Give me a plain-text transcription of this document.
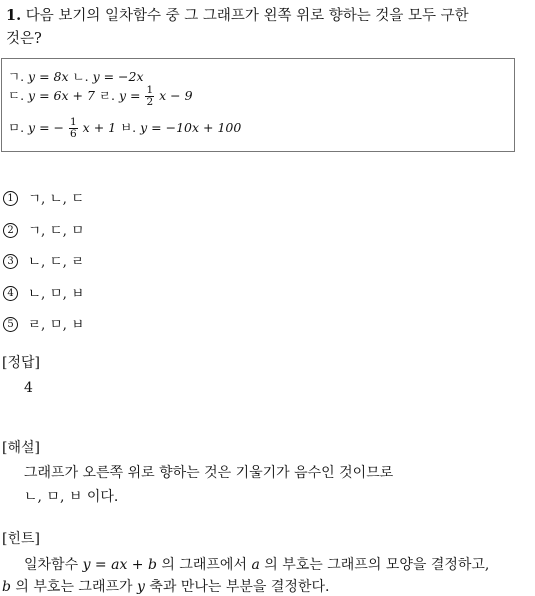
1. 다음 보기의 일차함수 중 그 그래프가 왼쪽 위로 향하는 것을 모두 구한
것은?
ㄱ. y = 8x ㄴ. y = −2x
ㄷ. y = 6x + 7 ㄹ. $y = \frac{1}{2}$ x − 9
ㅁ. y = − $\frac{1}{6}$ x + 1 ㅂ. y = −10x + 100
1 ㄱ, ㄴ, ㄷ
2 ㄱ, ㄷ, ㅁ
3 ㄴ, ㄷ, ㄹ
4 ㄴ, ㅁ, ㅂ
5 ㄹ, ㅁ, ㅂ
[정답]
4
[해설]
그래프가 오른쪽 위로 향하는 것은 기울기가 음수인 것이므로
ㄴ, ㅁ, ㅂ 이다.
[힌트]
일차함수 y = ax + b 의 그래프에서 a 의 부호는 그래프의 모양을 결정하고,
b 의 부호는 그래프가 y 축과 만나는 부분을 결정한다.
